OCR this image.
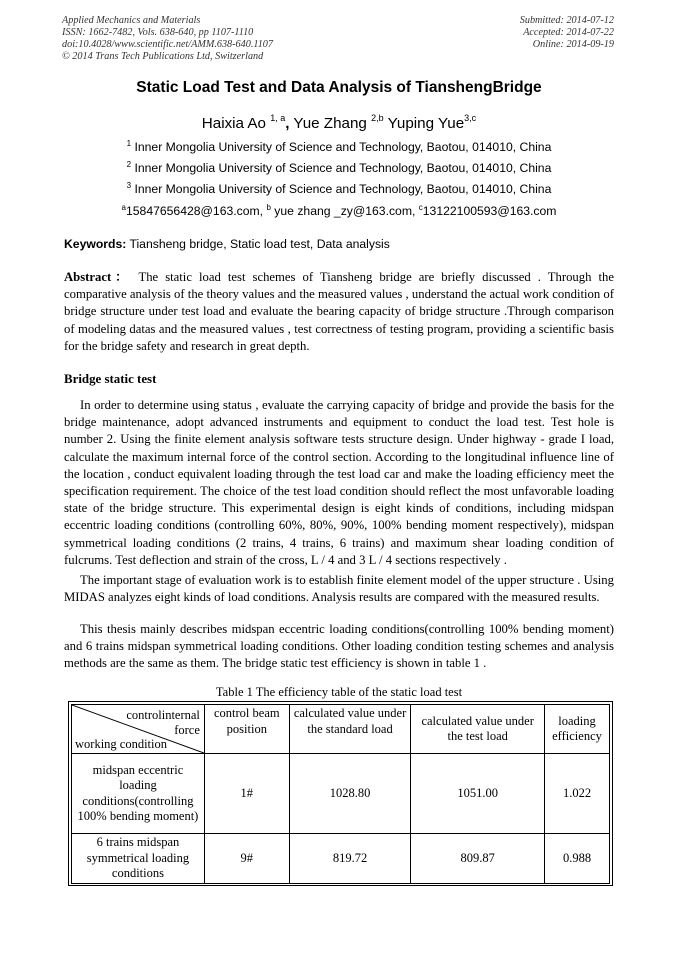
Applied Mechanics and Materials
ISSN: 1662-7482, Vols. 638-640, pp 1107-1110
doi:10.4028/www.scientific.net/AMM.638-640.1107
© 2014 Trans Tech Publications Ltd, Switzerland
Submitted: 2014-07-12
Accepted: 2014-07-22
Online: 2014-09-19
Static Load Test and Data Analysis of TianshengBridge
Haixia Ao $^{1, a}$, Yue Zhang $^{2,b}$ Yuping Yue$^{3,c}$
$^1$ Inner Mongolia University of Science and Technology, Baotou, 014010, China
$^2$ Inner Mongolia University of Science and Technology, Baotou, 014010, China
$^3$ Inner Mongolia University of Science and Technology, Baotou, 014010, China
$^a$15847656428@163.com, $^b$ yue zhang _zy@163.com, $^c$13122100593@163.com
Keywords: Tiansheng bridge, Static load test, Data analysis
Abstract： The static load test schemes of Tiansheng bridge are briefly discussed . Through the comparative analysis of the theory values and the measured values , understand the actual work condition of bridge structure under test load and evaluate the bearing capacity of bridge structure .Through comparison of modeling datas and the measured values , test correctness of testing program, providing a scientific basis for the bridge safety and research in great depth.
Bridge static test
In order to determine using status , evaluate the carrying capacity of bridge and provide the basis for the bridge maintenance, adopt advanced instruments and equipment to conduct the load test. Test hole is number 2. Using the finite element analysis software tests structure design. Under highway - grade I load, calculate the maximum internal force of the control section. According to the longitudinal influence line of the location , conduct equivalent loading through the test load car and make the loading efficiency meet the specification requirement. The choice of the test load condition should reflect the most unfavorable loading state of the bridge structure. This experimental design is eight kinds of conditions, including midspan eccentric loading conditions (controlling 60%, 80%, 90%, 100% bending moment respectively), midspan symmetrical loading conditions (2 trains, 4 trains, 6 trains) and maximum shear loading condition of fulcrums. Test deflection and strain of the cross, L / 4 and 3 L / 4 sections respectively .
The important stage of evaluation work is to establish finite element model of the upper structure . Using MIDAS analyzes eight kinds of load conditions. Analysis results are compared with the measured results.
This thesis mainly describes midspan eccentric loading conditions(controlling 100% bending moment) and 6 trains midspan symmetrical loading conditions. Other loading condition testing schemes and analysis methods are the same as them. The bridge static test efficiency is shown in table 1 .
Table 1 The efficiency table of the static load test
controlinternal
force
working condition	control beam position	calculated value under the standard load	calculated value under the test load	loading efficiency
midspan eccentric loading conditions(controlling 100% bending moment)	1#	1028.80	1051.00	1.022
6 trains midspan symmetrical loading conditions	9#	819.72	809.87	0.988
